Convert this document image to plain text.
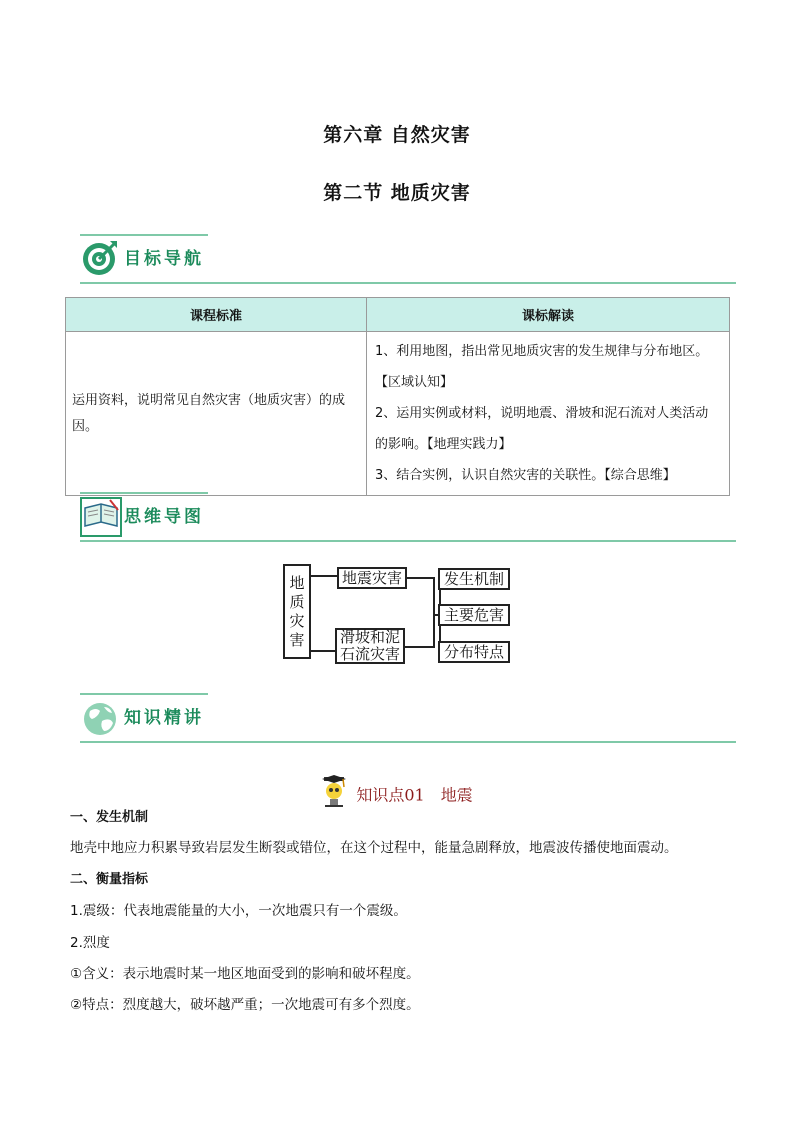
第六章 自然灾害
第二节 地质灾害
目标导航
课程标准	课标解读
运用资料，说明常见自然灾害（地质灾害）的成因。	1、利用地图，指出常见地质灾害的发生规律与分布地区。
【区域认知】
2、运用实例或材料，说明地震、滑坡和泥石流对人类活动
的影响。【地理实践力】
3、结合实例，认识自然灾害的关联性。【综合思维】
思维导图
地质灾害
地震灾害
滑坡和泥石流灾害
发生机制
主要危害
分布特点
知识精讲
知识点01　地震
一、发生机制
地壳中地应力积累导致岩层发生断裂或错位，在这个过程中，能量急剧释放，地震波传播使地面震动。
二、衡量指标
1.震级：代表地震能量的大小，一次地震只有一个震级。
2.烈度
①含义：表示地震时某一地区地面受到的影响和破坏程度。
②特点：烈度越大，破坏越严重；一次地震可有多个烈度。
